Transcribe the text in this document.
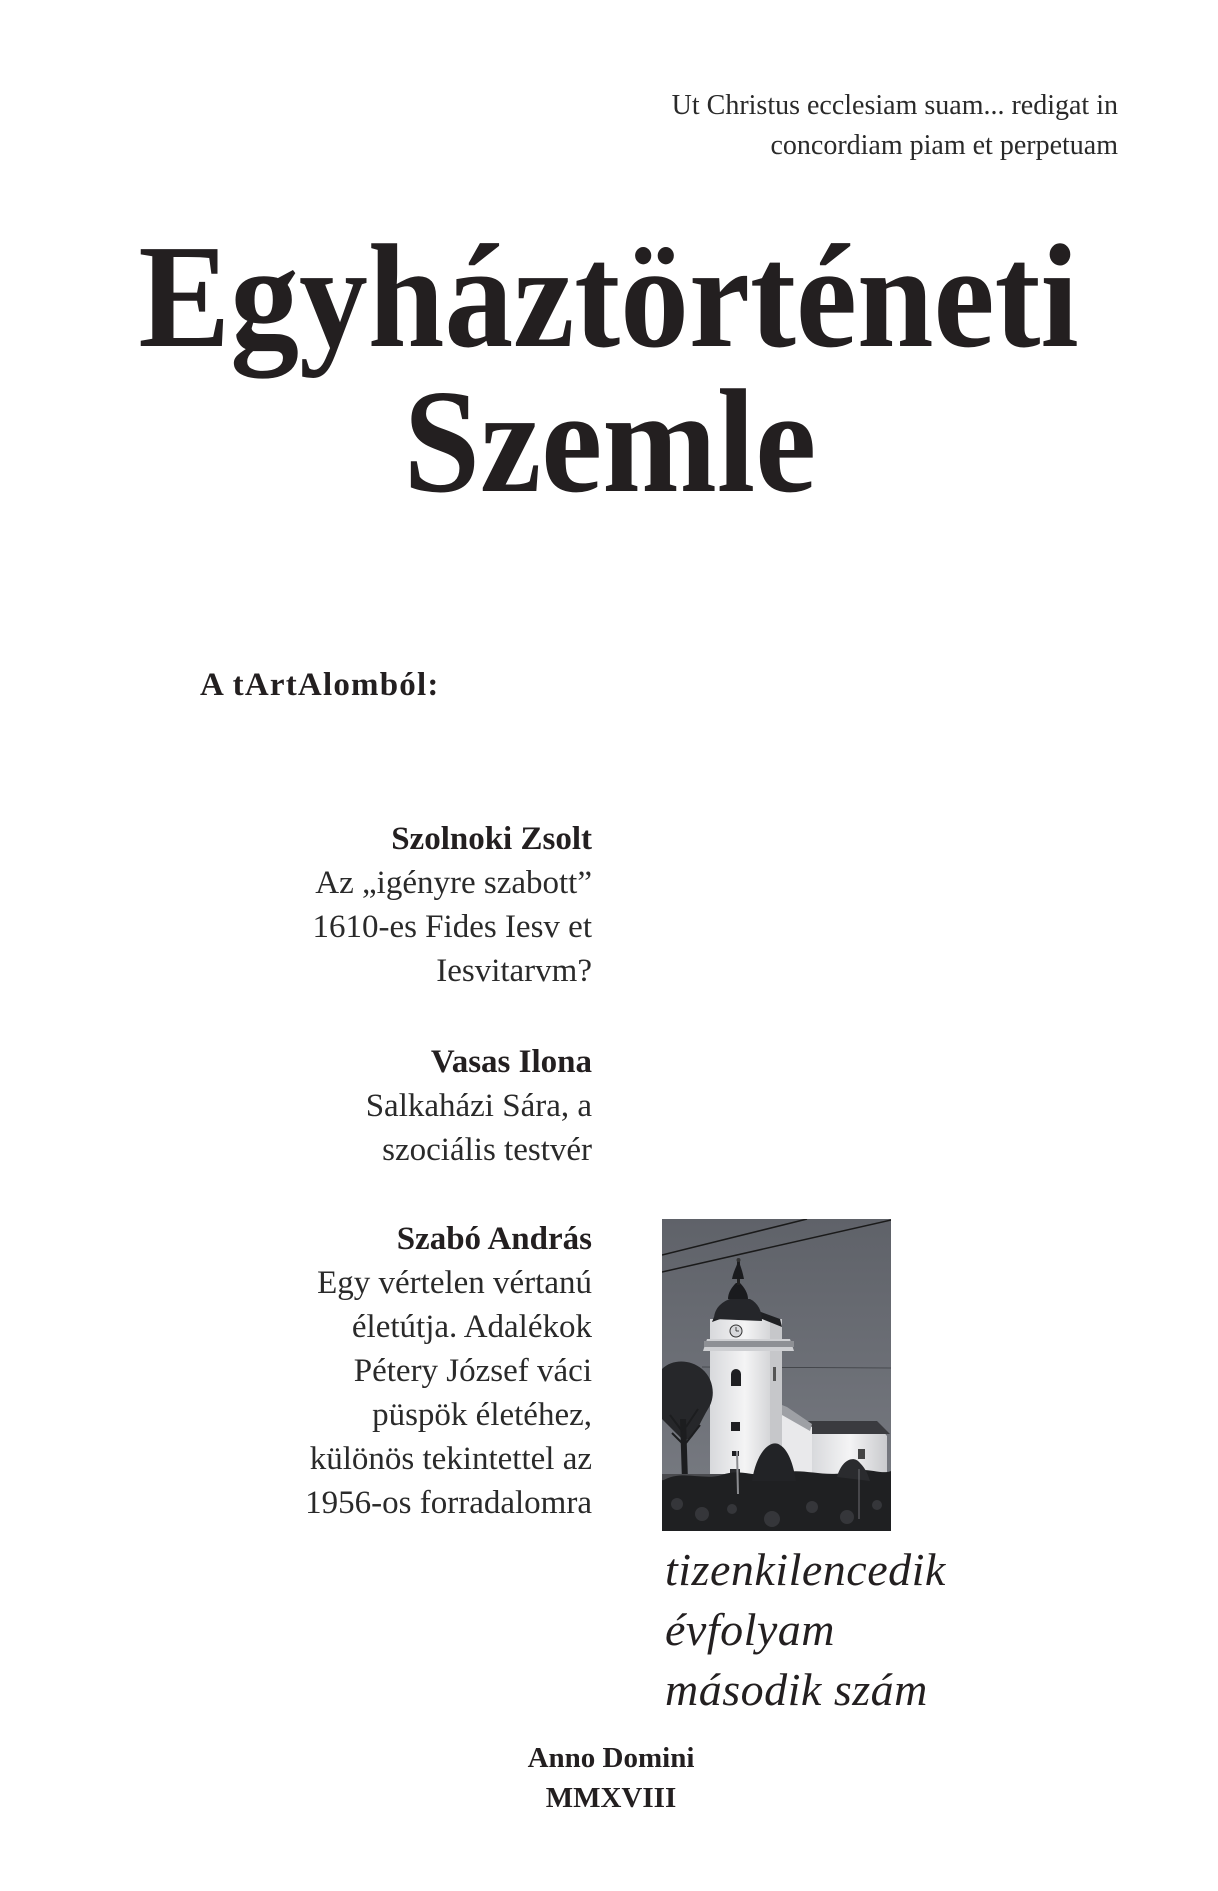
Ut Christus ecclesiam suam... redigat in
concordiam piam et perpetuam
Egyháztörténeti
Szemle
A tArtAlomból:
Szolnoki Zsolt
Az „igényre szabott”
1610-es Fides Iesv et
Iesvitarvm?
Vasas Ilona
Salkaházi Sára, a
szociális testvér
Szabó András
Egy vértelen vértanú
életútja. Adalékok
Pétery József váci
püspök életéhez,
különös tekintettel az
1956-os forradalomra
tizenkilencedik
évfolyam
második szám
Anno Domini
MMXVIII
